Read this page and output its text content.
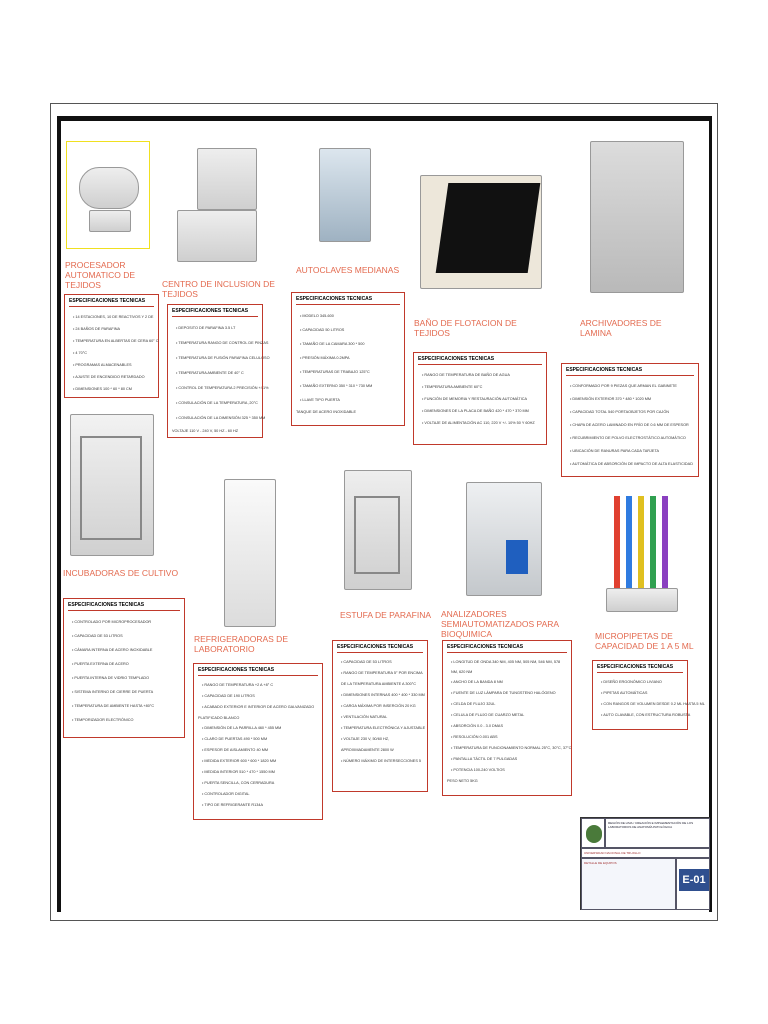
PROCESADOR AUTOMATICO DE TEJIDOS	CENTRO DE INCLUSION DE TEJIDOS
AUTOCLAVES MEDIANAS
BAÑO DE FLOTACION DE TEJIDOS
ARCHIVADORES DE LAMINA
ESPECIFICACIONES TECNICAS
• 14 ESTACIONES, 10 DE REACTIVOS Y 2 DE
• 24 BAÑOS DE PARAFINA
• TEMPERATURA EN ALBERTAS DE CERA 60° C
• 4 70°C
• PROGRAMAS ALMACENABLES
• AJUSTE DE ENCENDIDO RETARDADO
• DIMENSIONES 100 * 60 * 80 CM
ESPECIFICACIONES TECNICAS
• DEPOSITO DE PARAFINA 3.5 LT
• TEMPERATURA RANGO DE CONTROL DE PINZAS
• TEMPERATURA DE FUSIÓN PARAFINA CELULOSO
• TEMPERATURA AMBIENTE DE 40° C
• CONTROL DE TEMPERATURA 2 PRECISIÓN +/-1%
• CONSULACIÓN DE LA TEMPERATURA ,20°C
• CONSULACIÓN DE LA DIMENSIÓN 325 * 350 MM
VOLTAJE 110 V - 240 V, 50 HZ - 60 HZ
ESPECIFICACIONES TECNICAS
• MODELO 345-600
• CAPACIDAD 50 LITROS
• TAMAÑO DE LA CAMARA 300 * 500
• PRESIÓN MÁXIMA 0.2MPA
• TEMPERATURAS DE TRABAJO 125°C
• TAMAÑO EXTERNO 350 * 310 * 730 MM
• LLAVE TIPO PUERTA
TANQUE DE ACERO INOXIDABLE
ESPECIFICACIONES TECNICAS
• RANGO DE TEMPERATURA DE BAÑO DE AGUA
• TEMPERATURA AMBIENTE 60°C
• FUNCIÓN DE MEMORIA Y RESTAURACIÓN AUTOMÁTICA
• DIMENSIONES DE LA PLACA DE BAÑO 420 * 470 * 370 MM
• VOLTAJE DE ALIMENTACIÓN AC 110, 220 V +/- 10% 50 Y 60HZ
ESPECIFICACIONES TECNICAS
• CONFORMADO POR 9 PIEZAS QUE ARMAN EL GABINETE
• DIMENSIÓN EXTERIOR 370 * 480 * 1020 MM
• CAPACIDAD TOTAL 540 PORTAOBJETOS POR CAJÓN
• CHAPA DE ACERO LAMINADO EN FRÍO DE 0.6 MM DE ESPESOR
• RECUBRIMIENTO DE POLVO ELECTROSTÁTICO AUTOMÁTICO
• UBICACIÓN DE RANURAS PARA CADA TARJETA
• AUTOMÁTICA DE ABSORCIÓN DE IMPACTO DE ALTA ELASTICIDAD
INCUBADORAS DE CULTIVO
REFRIGERADORAS DE LABORATORIO
ESTUFA DE PARAFINA	ANALIZADORES SEMIAUTOMATIZADOS PARA BIOQUIMICA	MICROPIPETAS DE CAPACIDAD DE 1 A 5 ML
ESPECIFICACIONES TECNICAS
• CONTROLADO POR MICROPROCESADOR
• CAPACIDAD DE 53 LITROS
• CÁMARA INTERNA DE ACERO INOXIDABLE
• PUERTA EXTERNA DE ACERO
• PUERTA INTERNA DE VIDRIO TEMPLADO
• SISTEMA INTERNO DE CIERRE DE PUERTA
• TEMPERATURA DE AMBIENTE HASTA +80°C
• TEMPORIZADOR ELECTRÓNICO
ESPECIFICACIONES TECNICAS
• RANGO DE TEMPERATURA +2 A +8° C
• CAPACIDAD DE 190 LITROS
• ACABADO EXTERIOR E INTERIOR DE ACERO GALVANIZADO
PLATIFICADO BLANCO
• DIMENSIÓN DE LA PARRILLA 460 * 455 MM
• CLARO DE PUERTAS 490 * 500 MM
• ESPESOR DE AISLAMIENTO 40 MM
• MEDIDA EXTERIOR 600 * 600 * 1820 MM
• MEDIDA INTERIOR 510 * 470 * 1550 MM
• PUERTA SENCILLA, CON CERRADURA
• CONTROLADOR DIGITAL
• TIPO DE REFRIGERANTE R134A
ESPECIFICACIONES TECNICAS
• CAPACIDAD DE 53 LITROS
• RANGO DE TEMPERATURA 5° POR ENCIMA DE LA TEMPERATURA AMBIENTE A 300°C
• DIMENSIONES INTERNAS 400 * 400 * 330 MM
• CARGA MÁXIMA POR INSERCIÓN 20 KG
• VENTILACIÓN NATURAL
• TEMPERATURA ELECTRÓNICA Y AJUSTABLE
• VOLTAJE 230 V, 50/60 HZ, APROXIMADAMENTE 2800 W
• NÚMERO MÁXIMO DE INTERSECCIONES 5
ESPECIFICACIONES TECNICAS
• LONGITUD DE ONDA 340 NM, 405 NM, 505 NM, 546 NM, 578 NM, 620 NM
• ANCHO DE LA BANDA 8 NM
• FUENTE DE LUZ LÁMPARA DE TUNGSTENO HALÓGENO
• CELDA DE FLUJO 32UL
• CELULA DE FLUJO DE CUARZO METAL
• ABSORCIÓN 0.0 - 3.0 DMAS
• RESOLUCIÓN 0.001 ABS
• TEMPERATURA DE FUNCIONAMIENTO NORMAL 25°C, 30°C, 37°C
• PANTALLA TÁCTIL DE 7 PULGADAS
• POTENCIA 100-240 VOLTIOS
PESO NETO 5KG
ESPECIFICACIONES TECNICAS
• DISEÑO ERGONÓMICO LIVIANO
• PIPETAS AUTOMÁTICAS
• CON RANGOS DE VOLUMEN DESDE 0.2 ML HASTA 5 ML
• AUTO CLAVABLE, CON ESTRUCTURA ROBUSTA
REGIÓN DE LIMA / CREACIÓN E IMPLEMENTACIÓN DE LOS LABORATORIOS DE ANATOMÍA PATOLÓGICA
UNIVERSIDAD NACIONAL DE TRUJILLO
DETALLE DE EQUIPOS
E-01
